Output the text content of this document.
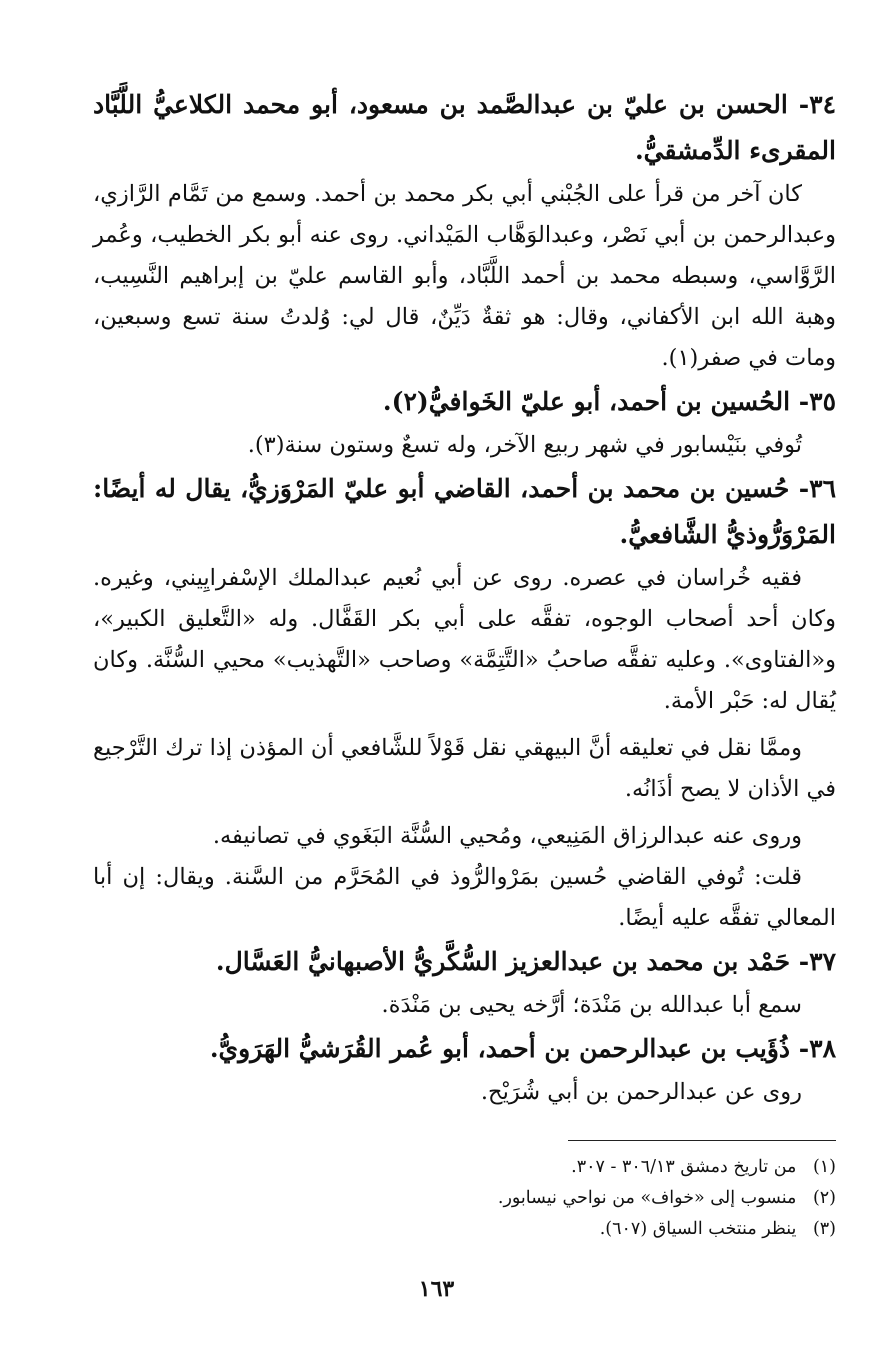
٣٤- الحسن بن عليّ بن عبدالصَّمد بن مسعود، أبو محمد الكلاعيُّ اللَّبَّاد المقرىء الدِّمشقيُّ.

كان آخر من قرأ على الجُبْني أبي بكر محمد بن أحمد. وسمع من تَمَّام الرَّازي، وعبدالرحمن بن أبي نَصْر، وعبدالوَهَّاب المَيْداني. روى عنه أبو بكر الخطيب، وعُمر الرَّوَّاسي، وسبطه محمد بن أحمد اللَّبَّاد، وأبو القاسم عليّ بن إبراهيم النَّسِيب، وهبة الله ابن الأكفاني، وقال: هو ثقةٌ دَيِّنٌ، قال لي: وُلدتُ سنة تسع وسبعين، ومات في صفر(١).

٣٥- الحُسين بن أحمد، أبو عليّ الخَوافيُّ(٢).

تُوفي بنَيْسابور في شهر ربيع الآخر، وله تسعٌ وستون سنة(٣).

٣٦- حُسين بن محمد بن أحمد، القاضي أبو عليّ المَرْوَزيُّ، يقال له أيضًا: المَرْوَرُّوذيُّ الشَّافعيُّ.

فقيه خُراسان في عصره. روى عن أبي نُعيم عبدالملك الإسْفرايِيني، وغيره. وكان أحد أصحاب الوجوه، تفقَّه على أبي بكر القَفَّال. وله «التَّعليق الكبير»، و«الفتاوى». وعليه تفقَّه صاحبُ «التَّتِمَّة» وصاحب «التَّهذيب» محيي السُّنَّة. وكان يُقال له: حَبْر الأمة.

وممَّا نقل في تعليقه أنَّ البيهقي نقل قَوْلاً للشَّافعي أن المؤذن إذا ترك التَّرْجيع في الأذان لا يصح أذَانُه.

وروى عنه عبدالرزاق المَنِيعي، ومُحيي السُّنَّة البَغَوي في تصانيفه.

قلت: تُوفي القاضي حُسين بمَرْوالرُّوذ في المُحَرَّم من السَّنة. ويقال: إن أبا المعالي تفقَّه عليه أيضًا.

٣٧- حَمْد بن محمد بن عبدالعزيز السُّكَّريُّ الأصبهانيُّ العَسَّال.

سمع أبا عبدالله بن مَنْدَة؛ أرَّخه يحيى بن مَنْدَة.

٣٨- ذُؤَيب بن عبدالرحمن بن أحمد، أبو عُمر القُرَشيُّ الهَرَويُّ.

روى عن عبدالرحمن بن أبي شُرَيْح.

(١) من تاريخ دمشق ٣٠٦/١٣ - ٣٠٧.
(٢) منسوب إلى «خواف» من نواحي نيسابور.
(٣) ينظر منتخب السياق (٦٠٧).
١٦٣
